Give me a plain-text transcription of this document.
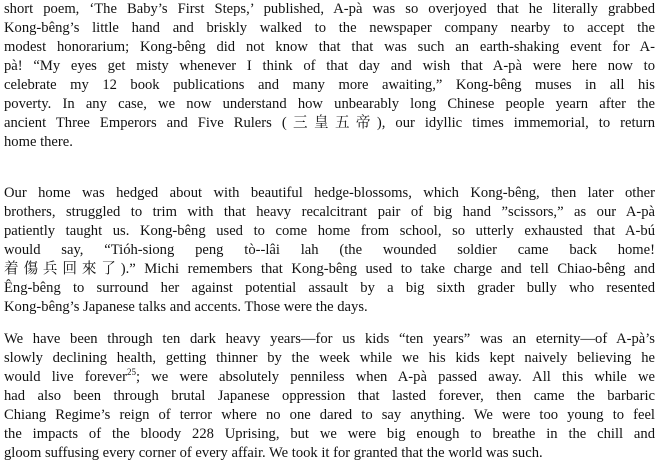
short poem, ‘The Baby’s First Steps,’ published, A-pà was so overjoyed that he literally grabbed
Kong-bêng’s little hand and briskly walked to the newspaper company nearby to accept the
modest honorarium; Kong-bêng did not know that that was such an earth-shaking event for A-
pà! “My eyes get misty whenever I think of that day and wish that A-pà were here now to
celebrate my 12 book publications and many more awaiting,” Kong-bêng muses in all his
poverty. In any case, we now understand how unbearably long Chinese people yearn after the
ancient Three Emperors and Five Rulers (三皇五帝), our idyllic times immemorial, to return
home there.
Our home was hedged about with beautiful hedge-blossoms, which Kong-bêng, then later other
brothers, struggled to trim with that heavy recalcitrant pair of big hand ”scissors,” as our A-pà
patiently taught us. Kong-bêng used to come home from school, so utterly exhausted that A-bú
would say, “Tióh-siong peng tò--lâi lah (the wounded soldier came back home!
着傷兵回來了).” Michi remembers that Kong-bêng used to take charge and tell Chiao-bêng and
Êng-bêng to surround her against potential assault by a big sixth grader bully who resented
Kong-bêng’s Japanese talks and accents. Those were the days.
We have been through ten dark heavy years—for us kids “ten years” was an eternity—of A-pà’s
slowly declining health, getting thinner by the week while we his kids kept naively believing he
would live forever$^{25}$; we were absolutely penniless when A-pà passed away. All this while we
had also been through brutal Japanese oppression that lasted forever, then came the barbaric
Chiang Regime’s reign of terror where no one dared to say anything. We were too young to feel
the impacts of the bloody 228 Uprising, but we were big enough to breathe in the chill and
gloom suffusing every corner of every affair. We took it for granted that the world was such.
